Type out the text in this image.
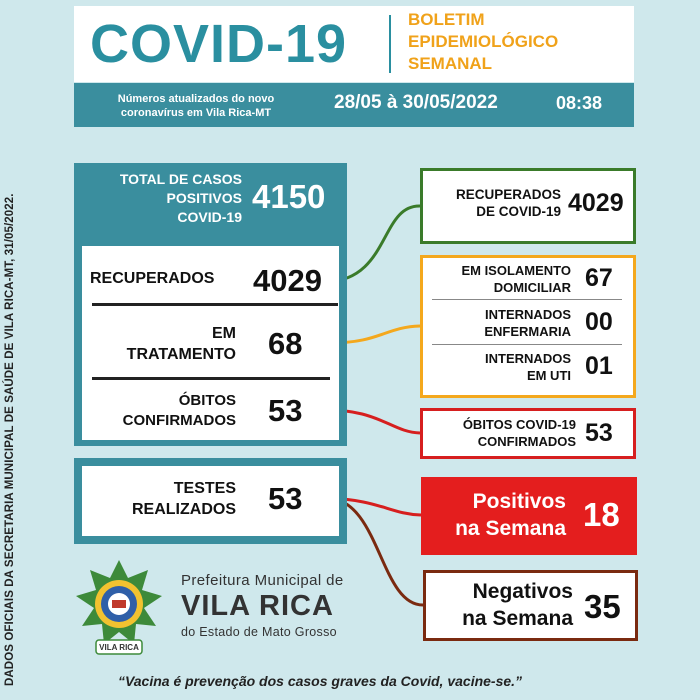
DADOS OFICIAIS DA SECRETARIA MUNICIPAL DE SAÚDE DE VILA RICA-MT, 31/05/2022.
COVID-19	BOLETIM
EPIDEMIOLÓGICO
SEMANAL
Números atualizados do novo
coronavírus em Vila Rica-MT	28/05 à 30/05/2022	08:38
TOTAL DE CASOS
POSITIVOS
COVID-19
4150
RECUPERADOS 4029
EM
TRATAMENTO 68
ÓBITOS
CONFIRMADOS 53
TESTES
REALIZADOS 53
RECUPERADOS
DE COVID-19 4029
EM ISOLAMENTO
DOMICILIAR 67
INTERNADOS
ENFERMARIA 00
INTERNADOS
EM UTI 01
ÓBITOS COVID-19
CONFIRMADOS 53
Positivos
na Semana 18
Negativos
na Semana 35
VILA RICA
Prefeitura Municipal de
VILA RICA
do Estado de Mato Grosso
“Vacina é prevenção dos casos graves da Covid, vacine-se.”
